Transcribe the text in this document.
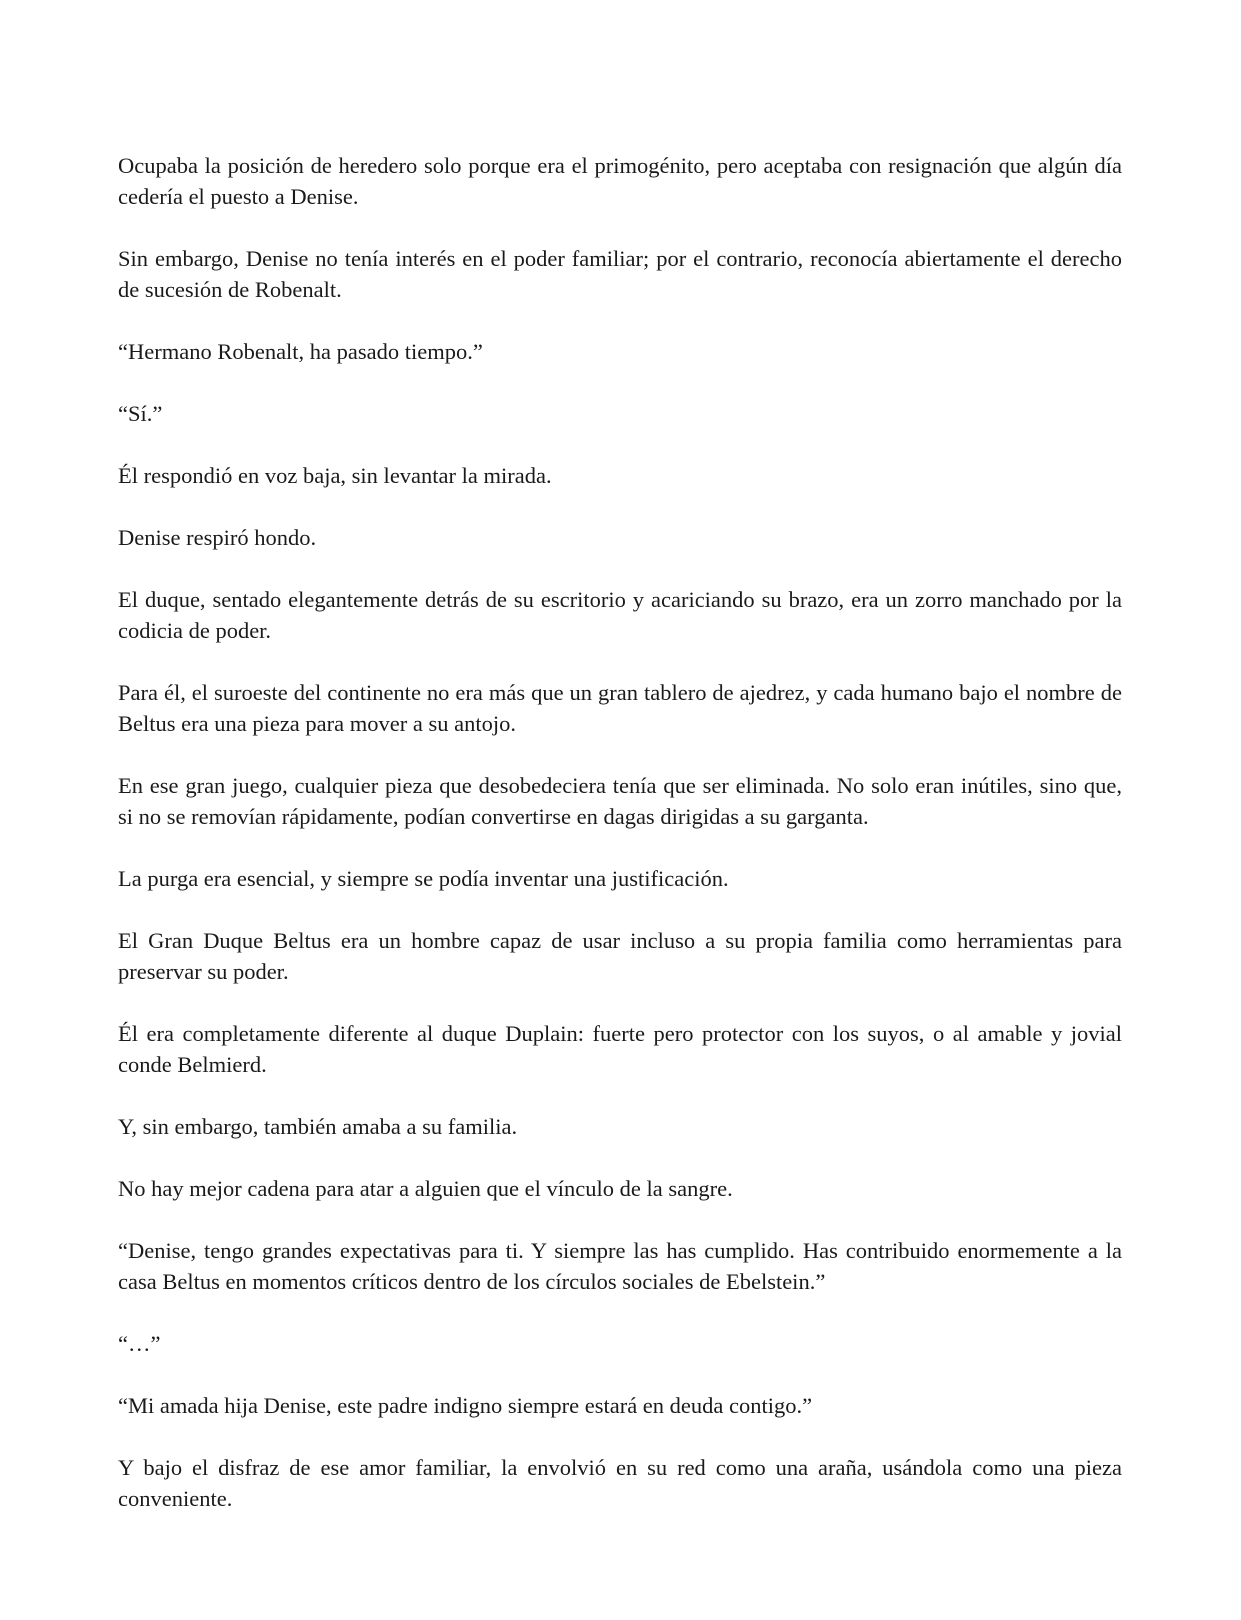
Ocupaba la posición de heredero solo porque era el primogénito, pero aceptaba con resignación que algún día cedería el puesto a Denise.

Sin embargo, Denise no tenía interés en el poder familiar; por el contrario, reconocía abiertamente el derecho de sucesión de Robenalt.

“Hermano Robenalt, ha pasado tiempo.”

“Sí.”

Él respondió en voz baja, sin levantar la mirada.

Denise respiró hondo.

El duque, sentado elegantemente detrás de su escritorio y acariciando su brazo, era un zorro manchado por la codicia de poder.

Para él, el suroeste del continente no era más que un gran tablero de ajedrez, y cada humano bajo el nombre de Beltus era una pieza para mover a su antojo.

En ese gran juego, cualquier pieza que desobedeciera tenía que ser eliminada. No solo eran inútiles, sino que, si no se removían rápidamente, podían convertirse en dagas dirigidas a su garganta.

La purga era esencial, y siempre se podía inventar una justificación.

El Gran Duque Beltus era un hombre capaz de usar incluso a su propia familia como herramientas para preservar su poder.

Él era completamente diferente al duque Duplain: fuerte pero protector con los suyos, o al amable y jovial conde Belmierd.

Y, sin embargo, también amaba a su familia.

No hay mejor cadena para atar a alguien que el vínculo de la sangre.

“Denise, tengo grandes expectativas para ti. Y siempre las has cumplido. Has contribuido enormemente a la casa Beltus en momentos críticos dentro de los círculos sociales de Ebelstein.”

“…”

“Mi amada hija Denise, este padre indigno siempre estará en deuda contigo.”

Y bajo el disfraz de ese amor familiar, la envolvió en su red como una araña, usándola como una pieza conveniente.
